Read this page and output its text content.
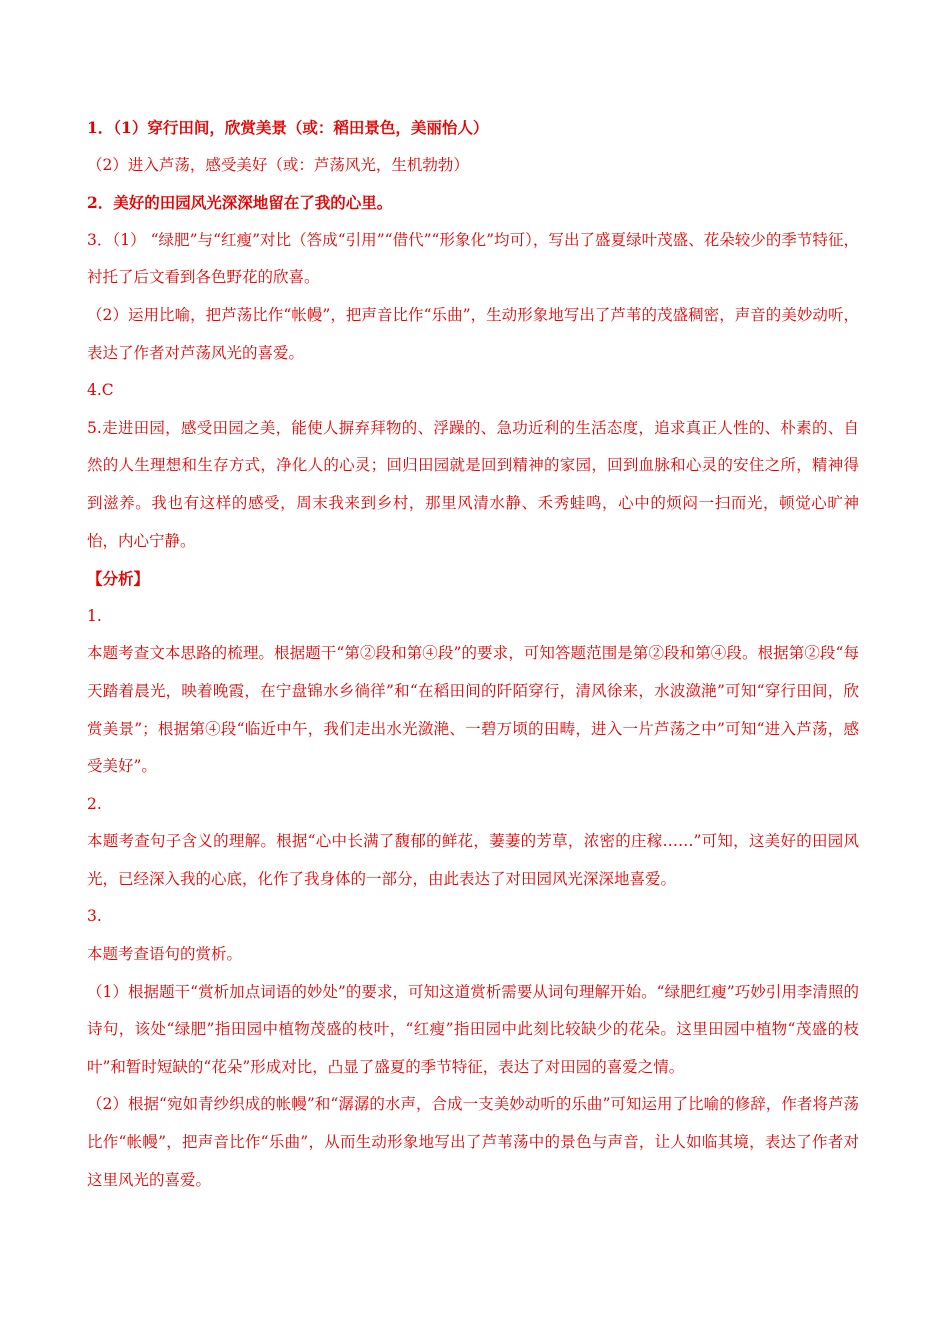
1．（1）穿行田间，欣赏美景（或：稻田景色，美丽怡人）
（2）进入芦荡，感受美好（或：芦荡风光，生机勃勃）
2．美好的田园风光深深地留在了我的心里。
3．（1） “绿肥”与“红瘦”对比（答成“引用”“借代”“形象化”均可），写出了盛夏绿叶茂盛、花朵较少的季节特征，衬托了后文看到各色野花的欣喜。
（2）运用比喻，把芦荡比作“帐幔”，把声音比作“乐曲”，生动形象地写出了芦苇的茂盛稠密，声音的美妙动听，表达了作者对芦荡风光的喜爱。
4.C
5.走进田园，感受田园之美，能使人摒弃拜物的、浮躁的、急功近利的生活态度，追求真正人性的、朴素的、自然的人生理想和生存方式，净化人的心灵；回归田园就是回到精神的家园，回到血脉和心灵的安住之所，精神得到滋养。我也有这样的感受，周末我来到乡村，那里风清水静、禾秀蛙鸣，心中的烦闷一扫而光，顿觉心旷神怡，内心宁静。
【分析】
1.
本题考查文本思路的梳理。根据题干“第②段和第④段”的要求，可知答题范围是第②段和第④段。根据第②段“每天踏着晨光，映着晚霞，在宁盘锦水乡徜徉”和“在稻田间的阡陌穿行，清风徐来，水波潋滟”可知“穿行田间，欣赏美景”；根据第④段“临近中午，我们走出水光潋滟、一碧万顷的田畴，进入一片芦荡之中”可知“进入芦荡，感受美好”。
2.
本题考查句子含义的理解。根据“心中长满了馥郁的鲜花，萋萋的芳草，浓密的庄稼……”可知，这美好的田园风光，已经深入我的心底，化作了我身体的一部分，由此表达了对田园风光深深地喜爱。
3.
本题考查语句的赏析。
（1）根据题干“赏析加点词语的妙处”的要求，可知这道赏析需要从词句理解开始。“绿肥红瘦”巧妙引用李清照的诗句，该处“绿肥”指田园中植物茂盛的枝叶，“红瘦”指田园中此刻比较缺少的花朵。这里田园中植物“茂盛的枝叶”和暂时短缺的“花朵”形成对比，凸显了盛夏的季节特征，表达了对田园的喜爱之情。
（2）根据“宛如青纱织成的帐幔”和“潺潺的水声，合成一支美妙动听的乐曲”可知运用了比喻的修辞，作者将芦荡比作“帐幔”，把声音比作“乐曲”，从而生动形象地写出了芦苇荡中的景色与声音，让人如临其境，表达了作者对这里风光的喜爱。
